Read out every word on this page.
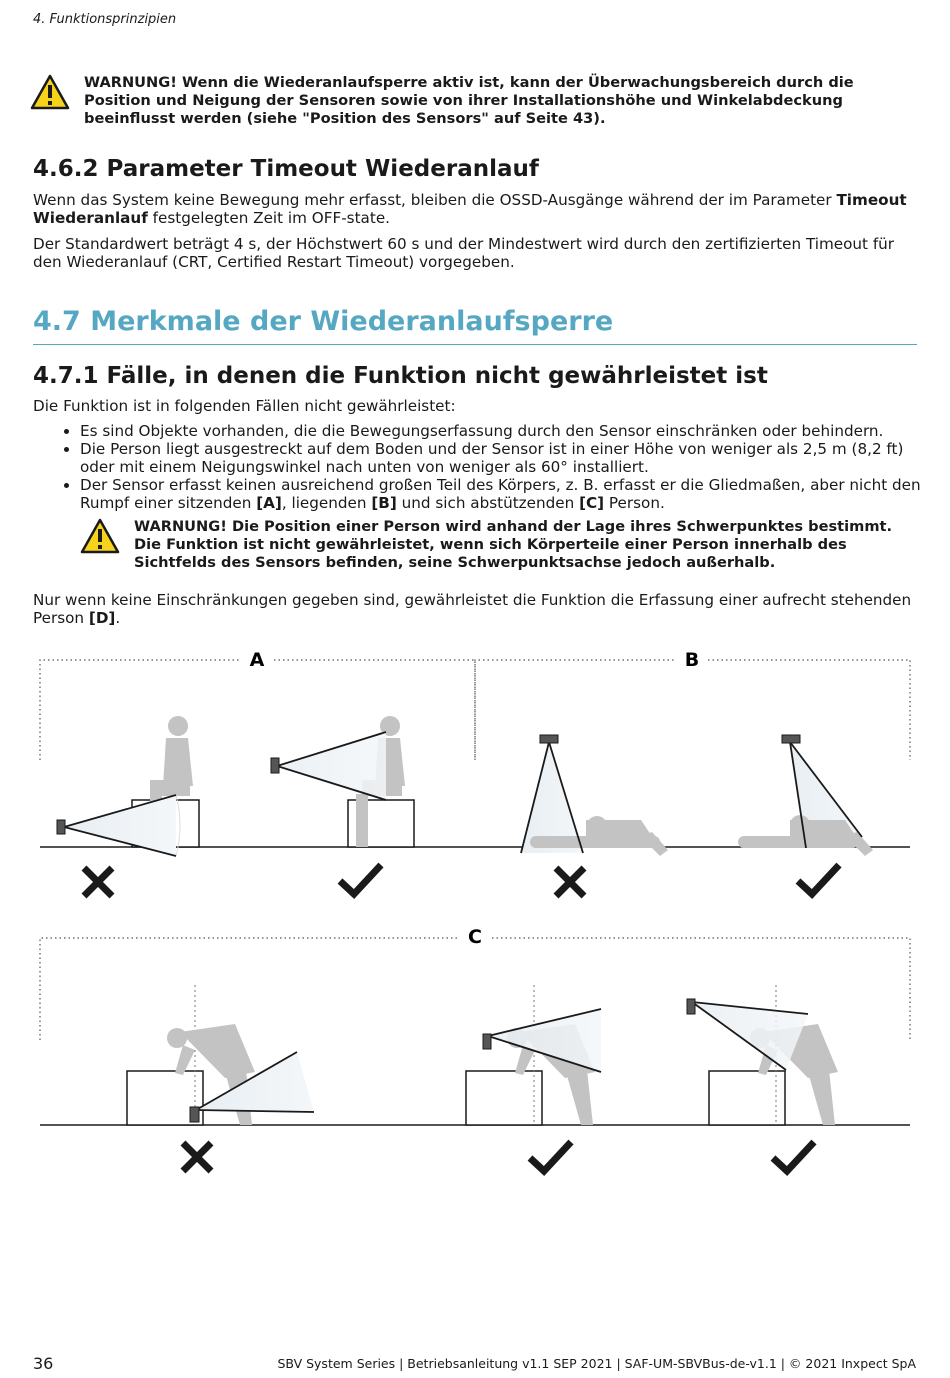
4. Funktionsprinzipien

WARNUNG! Wenn die Wiederanlaufsperre aktiv ist, kann der Überwachungsbereich durch die Position und Neigung der Sensoren sowie von ihrer Installationshöhe und Winkelabdeckung beeinflusst werden (siehe "Position des Sensors" auf Seite 43).

4.6.2 Parameter Timeout Wiederanlauf

Wenn das System keine Bewegung mehr erfasst, bleiben die OSSD-Ausgänge während der im Parameter Timeout Wiederanlauf festgelegten Zeit im OFF-state.

Der Standardwert beträgt 4 s, der Höchstwert 60 s und der Mindestwert wird durch den zertifizierten Timeout für den Wiederanlauf (CRT, Certified Restart Timeout) vorgegeben.

4.7 Merkmale der Wiederanlaufsperre
4.7.1 Fälle, in denen die Funktion nicht gewährleistet ist

Die Funktion ist in folgenden Fällen nicht gewährleistet:

• Es sind Objekte vorhanden, die die Bewegungserfassung durch den Sensor einschränken oder behindern.
• Die Person liegt ausgestreckt auf dem Boden und der Sensor ist in einer Höhe von weniger als 2,5 m (8,2 ft) oder mit einem Neigungswinkel nach unten von weniger als 60° installiert.
• Der Sensor erfasst keinen ausreichend großen Teil des Körpers, z. B. erfasst er die Gliedmaßen, aber nicht den Rumpf einer sitzenden [A], liegenden [B] und sich abstützenden [C] Person.

WARNUNG! Die Position einer Person wird anhand der Lage ihres Schwerpunktes bestimmt. Die Funktion ist nicht gewährleistet, wenn sich Körperteile einer Person innerhalb des Sichtfelds des Sensors befinden, seine Schwerpunktsachse jedoch außerhalb.

Nur wenn keine Einschränkungen gegeben sind, gewährleistet die Funktion die Erfassung einer aufrecht stehenden Person [D].

A	B
C
36	SBV System Series | Betriebsanleitung v1.1 SEP 2021 | SAF-UM-SBVBus-de-v1.1 | © 2021 Inxpect SpA
